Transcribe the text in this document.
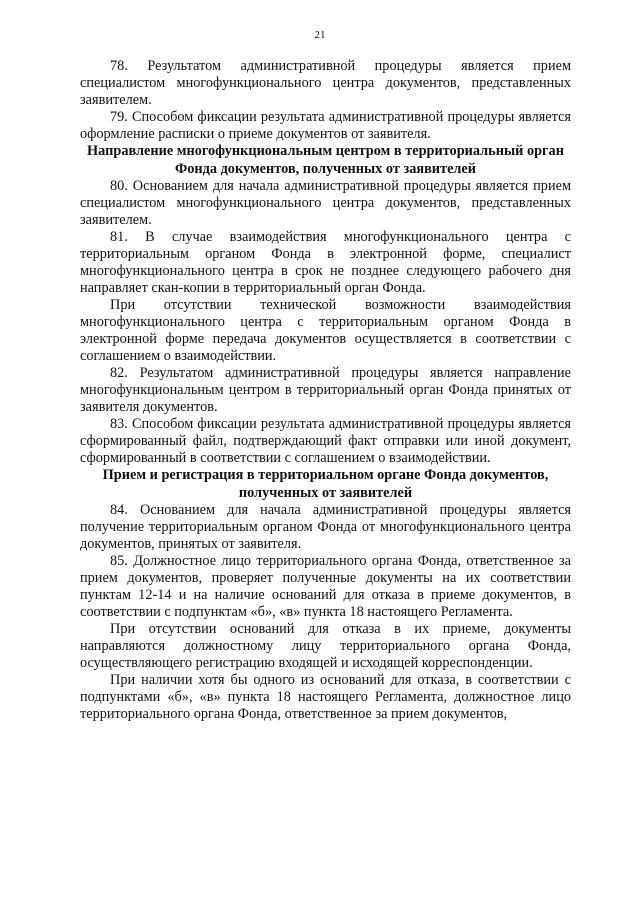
21

78. Результатом административной процедуры является прием специалистом многофункционального центра документов, представленных заявителем.

79. Способом фиксации результата административной процедуры является оформление расписки о приеме документов от заявителя.

Направление многофункциональным центром в территориальный орган Фонда документов, полученных от заявителей

80. Основанием для начала административной процедуры является прием специалистом многофункционального центра документов, представленных заявителем.

81. В случае взаимодействия многофункционального центра с территориальным органом Фонда в электронной форме, специалист многофункционального центра в срок не позднее следующего рабочего дня направляет скан-копии в территориальный орган Фонда.

При отсутствии технической возможности взаимодействия многофункционального центра с территориальным органом Фонда в электронной форме передача документов осуществляется в соответствии с соглашением о взаимодействии.

82. Результатом административной процедуры является направление многофункциональным центром в территориальный орган Фонда принятых от заявителя документов.

83. Способом фиксации результата административной процедуры является сформированный файл, подтверждающий факт отправки или иной документ, сформированный в соответствии с соглашением о взаимодействии.

Прием и регистрация в территориальном органе Фонда документов, полученных от заявителей

84. Основанием для начала административной процедуры является получение территориальным органом Фонда от многофункционального центра документов, принятых от заявителя.

85. Должностное лицо территориального органа Фонда, ответственное за прием документов, проверяет полученные документы на их соответствии пунктам 12-14 и на наличие оснований для отказа в приеме документов, в соответствии с подпунктам «б», «в» пункта 18 настоящего Регламента.

При отсутствии оснований для отказа в их приеме, документы направляются должностному лицу территориального органа Фонда, осуществляющего регистрацию входящей и исходящей корреспонденции.

При наличии хотя бы одного из оснований для отказа, в соответствии с подпунктами «б», «в» пункта 18 настоящего Регламента, должностное лицо территориального органа Фонда, ответственное за прием документов,
